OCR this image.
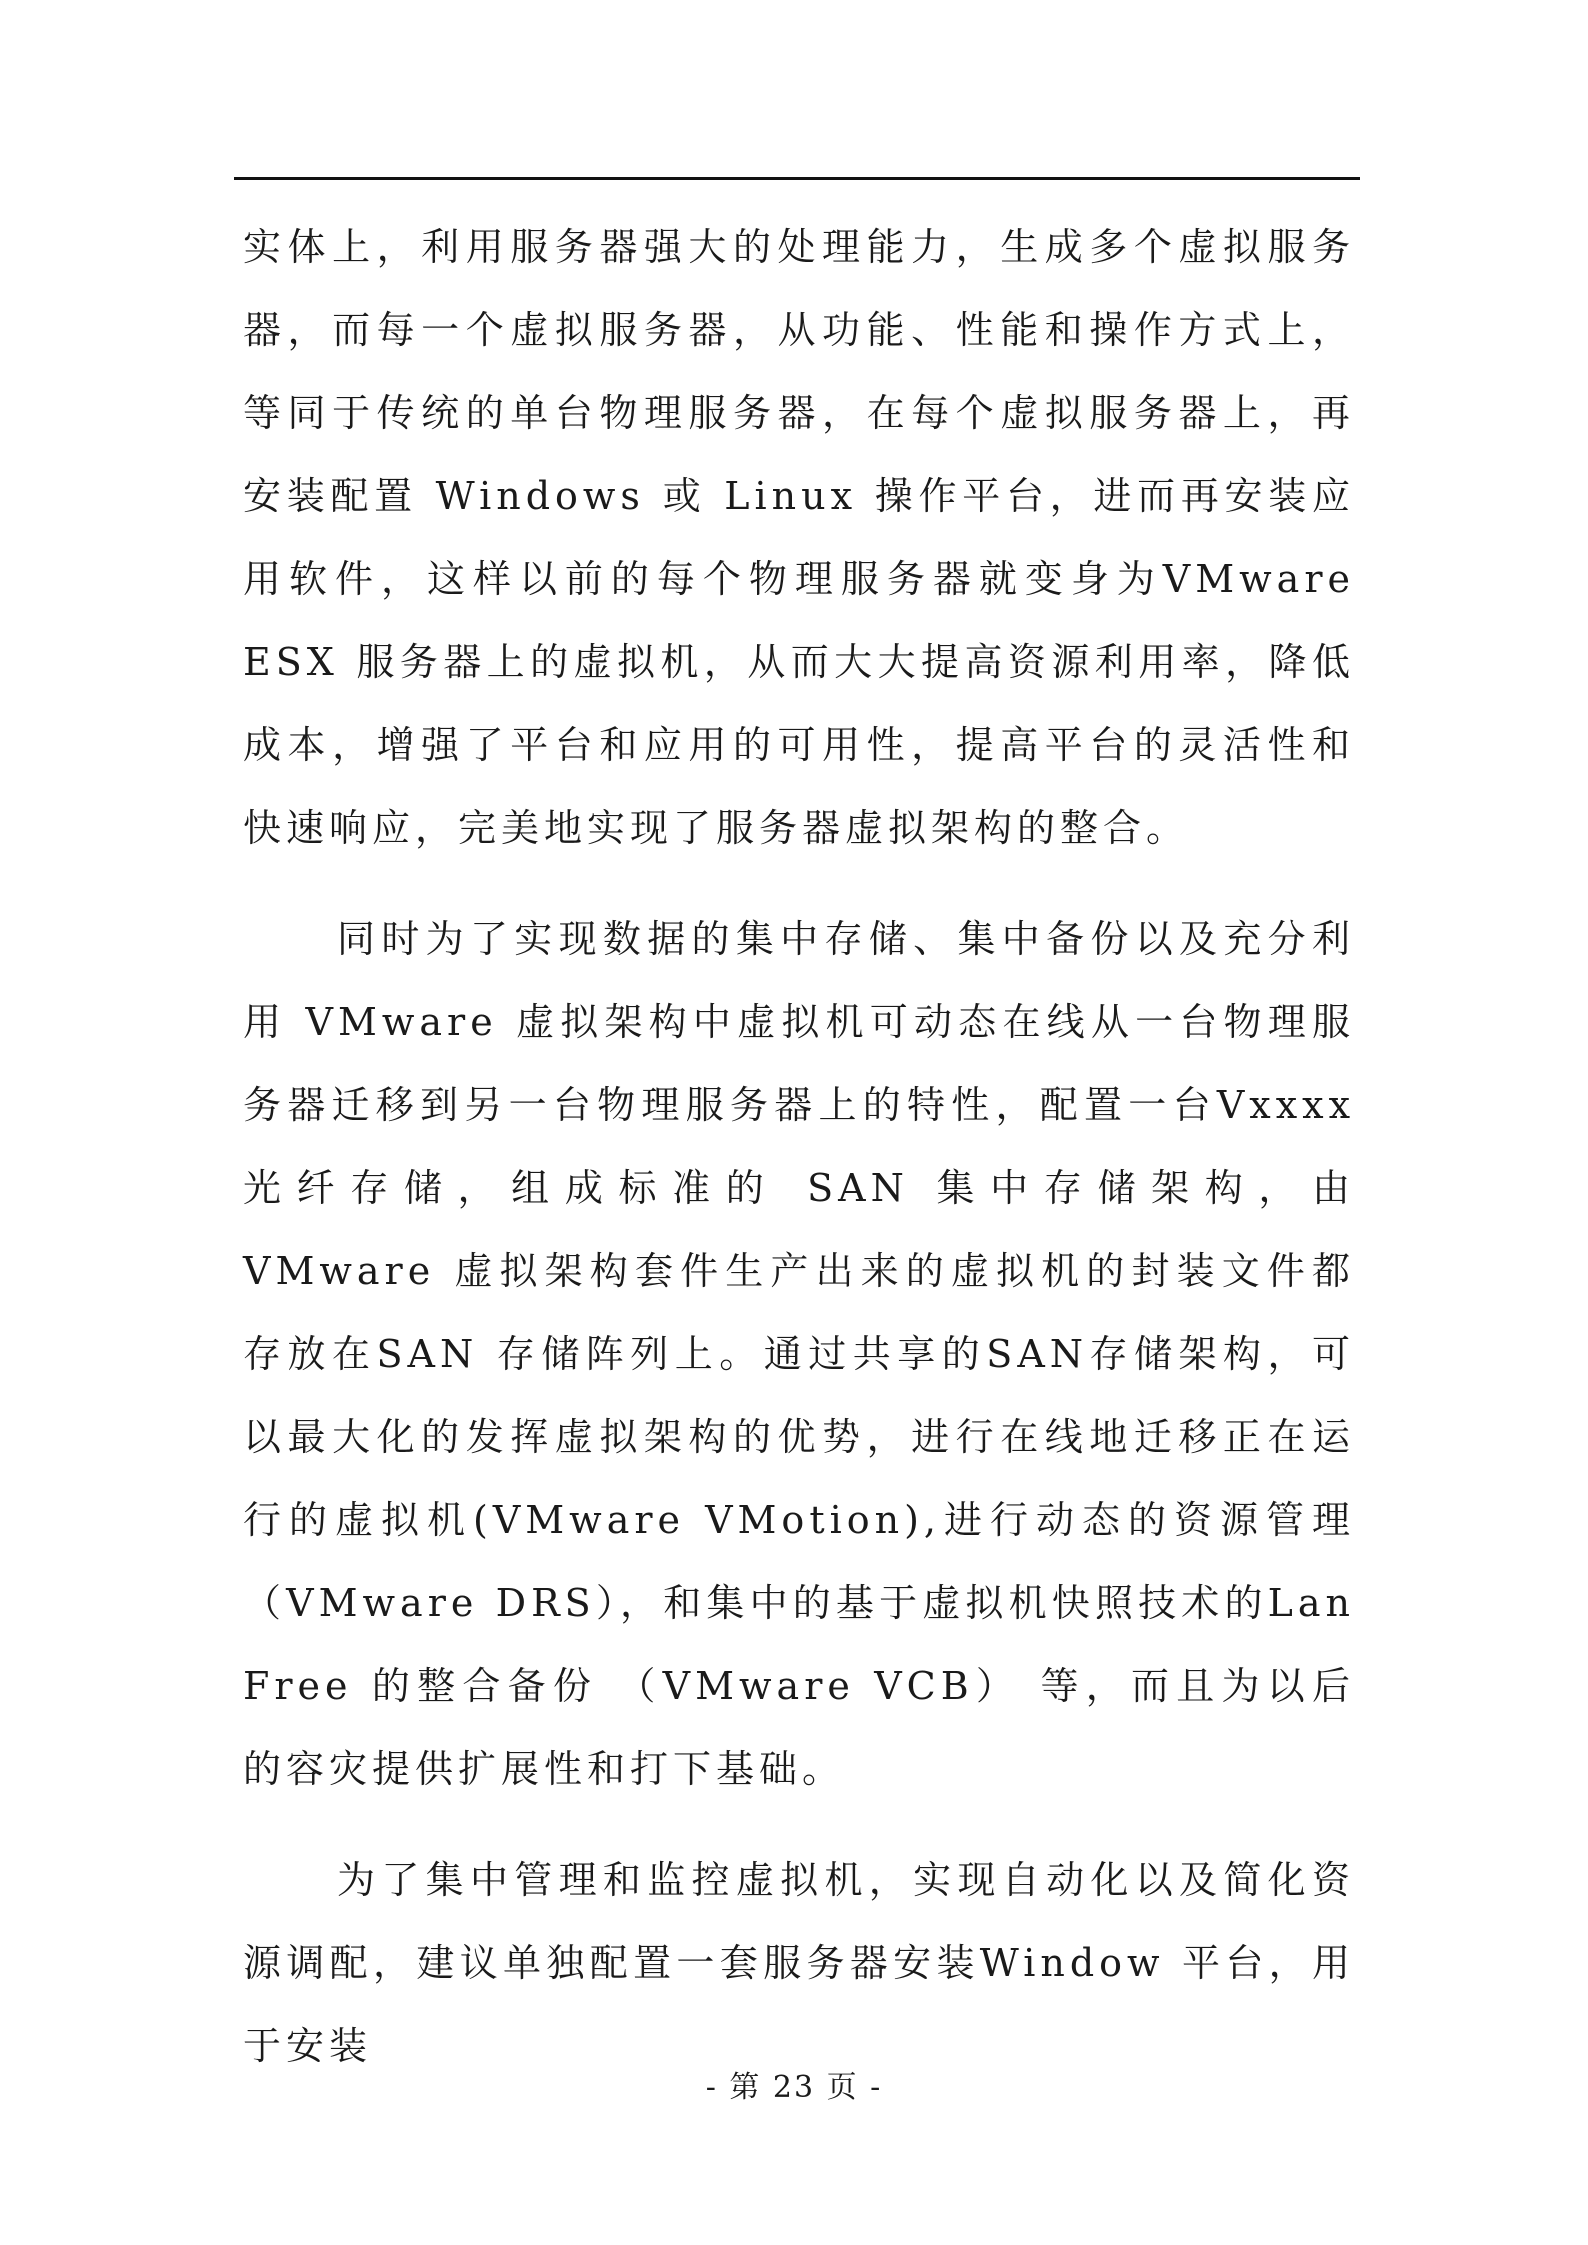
实体上，利用服务器强大的处理能力，生成多个虚拟服务器，而每一个虚拟服务器，从功能、性能和操作方式上，等同于传统的单台物理服务器，在每个虚拟服务器上，再安装配置 Windows 或 Linux 操作平台，进而再安装应用软件，这样以前的每个物理服务器就变身为VMware ESX 服务器上的虚拟机，从而大大提高资源利用率，降低成本，增强了平台和应用的可用性，提高平台的灵活性和快速响应，完美地实现了服务器虚拟架构的整合。

同时为了实现数据的集中存储、集中备份以及充分利用 VMware 虚拟架构中虚拟机可动态在线从一台物理服务器迁移到另一台物理服务器上的特性，配置一台Vxxxx 光纤存储，组成标准的 SAN 集中存储架构，由 VMware 虚拟架构套件生产出来的虚拟机的封装文件都存放在SAN 存储阵列上。通过共享的SAN存储架构，可以最大化的发挥虚拟架构的优势，进行在线地迁移正在运行的虚拟机(VMware VMotion),进行动态的资源管理（VMware DRS），和集中的基于虚拟机快照技术的Lan Free 的整合备份 （VMware VCB） 等，而且为以后的容灾提供扩展性和打下基础。

为了集中管理和监控虚拟机，实现自动化以及简化资源调配，建议单独配置一套服务器安装Window 平台，用于安装

- 第 23 页 -
